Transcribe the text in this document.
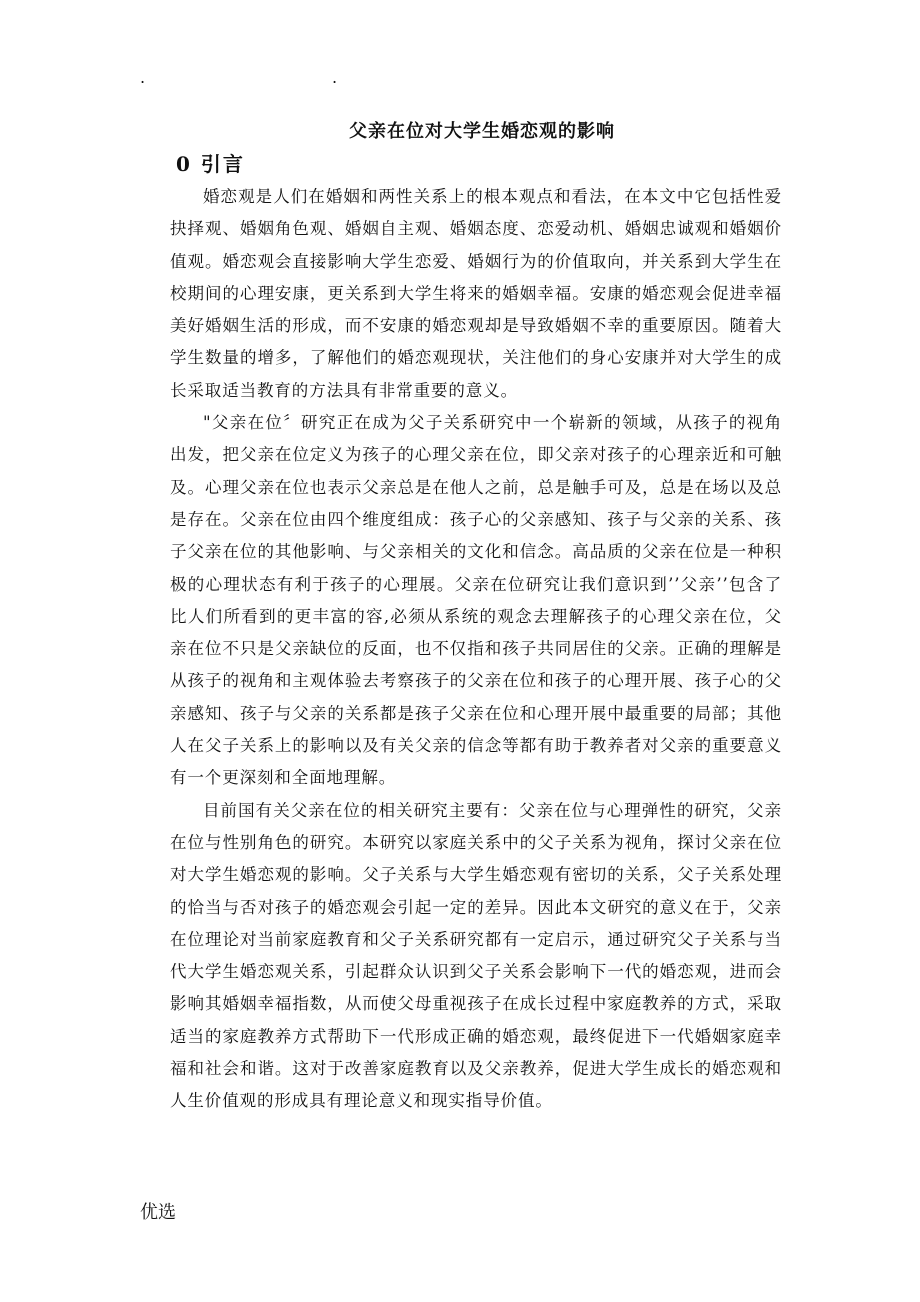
.	.
父亲在位对大学生婚恋观的影响
0 引言

婚恋观是人们在婚姻和两性关系上的根本观点和看法，在本文中它包括性爱抉择观、婚姻角色观、婚姻自主观、婚姻态度、恋爱动机、婚姻忠诚观和婚姻价值观。婚恋观会直接影响大学生恋爱、婚姻行为的价值取向，并关系到大学生在校期间的心理安康，更关系到大学生将来的婚姻幸福。安康的婚恋观会促进幸福美好婚姻生活的形成，而不安康的婚恋观却是导致婚姻不幸的重要原因。随着大学生数量的增多，了解他们的婚恋观现状，关注他们的身心安康并对大学生的成长采取适当教育的方法具有非常重要的意义。

"父亲在位〞研究正在成为父子关系研究中一个崭新的领域，从孩子的视角出发，把父亲在位定义为孩子的心理父亲在位，即父亲对孩子的心理亲近和可触及。心理父亲在位也表示父亲总是在他人之前，总是触手可及，总是在场以及总是存在。父亲在位由四个维度组成：孩子心的父亲感知、孩子与父亲的关系、孩子父亲在位的其他影响、与父亲相关的文化和信念。高品质的父亲在位是一种积极的心理状态有利于孩子的心理展。父亲在位研究让我们意识到’’父亲’’包含了比人们所看到的更丰富的容,必须从系统的观念去理解孩子的心理父亲在位，父亲在位不只是父亲缺位的反面，也不仅指和孩子共同居住的父亲。正确的理解是从孩子的视角和主观体验去考察孩子的父亲在位和孩子的心理开展、孩子心的父亲感知、孩子与父亲的关系都是孩子父亲在位和心理开展中最重要的局部；其他人在父子关系上的影响以及有关父亲的信念等都有助于教养者对父亲的重要意义有一个更深刻和全面地理解。

目前国有关父亲在位的相关研究主要有：父亲在位与心理弹性的研究，父亲在位与性别角色的研究。本研究以家庭关系中的父子关系为视角，探讨父亲在位对大学生婚恋观的影响。父子关系与大学生婚恋观有密切的关系，父子关系处理的恰当与否对孩子的婚恋观会引起一定的差异。因此本文研究的意义在于，父亲在位理论对当前家庭教育和父子关系研究都有一定启示，通过研究父子关系与当代大学生婚恋观关系，引起群众认识到父子关系会影响下一代的婚恋观，进而会影响其婚姻幸福指数，从而使父母重视孩子在成长过程中家庭教养的方式，采取适当的家庭教养方式帮助下一代形成正确的婚恋观，最终促进下一代婚姻家庭幸福和社会和谐。这对于改善家庭教育以及父亲教养，促进大学生成长的婚恋观和人生价值观的形成具有理论意义和现实指导价值。

优选
